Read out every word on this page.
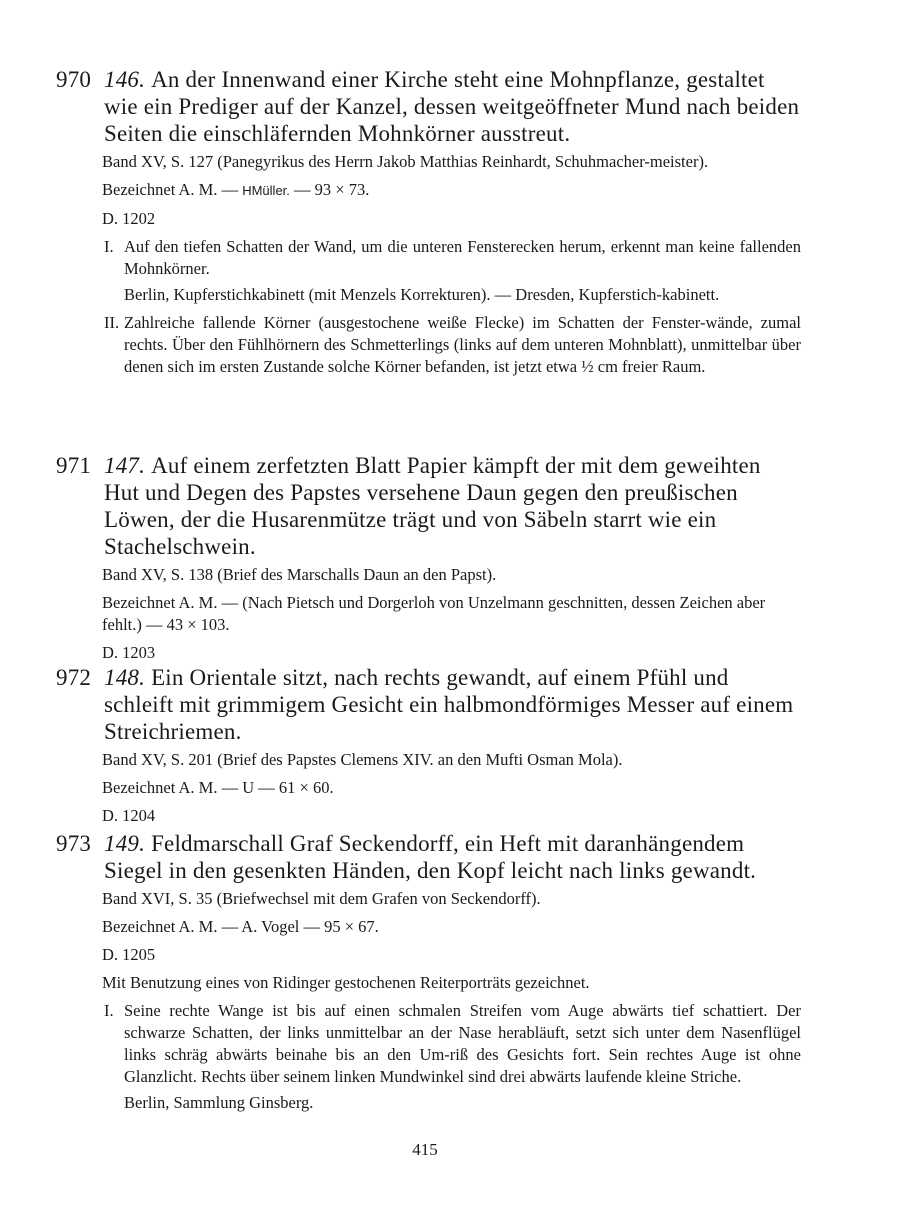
970 146. An der Innenwand einer Kirche steht eine Mohnpflanze, gestaltet wie ein Prediger auf der Kanzel, dessen weitgeöffneter Mund nach beiden Seiten die einschläfernden Mohnkörner ausstreut.

Band XV, S. 127 (Panegyrikus des Herrn Jakob Matthias Reinhardt, Schuhmacher-meister).

Bezeichnet A. M. — HMüller. — 93 × 73.

D. 1202

I. Auf den tiefen Schatten der Wand, um die unteren Fensterecken herum, erkennt man keine fallenden Mohnkörner.

Berlin, Kupferstichkabinett (mit Menzels Korrekturen). — Dresden, Kupferstich-kabinett.

II. Zahlreiche fallende Körner (ausgestochene weiße Flecke) im Schatten der Fenster-wände, zumal rechts. Über den Fühlhörnern des Schmetterlings (links auf dem unteren Mohnblatt), unmittelbar über denen sich im ersten Zustande solche Körner befanden, ist jetzt etwa ½ cm freier Raum.

971 147. Auf einem zerfetzten Blatt Papier kämpft der mit dem geweihten Hut und Degen des Papstes versehene Daun gegen den preußischen Löwen, der die Husarenmütze trägt und von Säbeln starrt wie ein Stachelschwein.

Band XV, S. 138 (Brief des Marschalls Daun an den Papst).

Bezeichnet A. M. — (Nach Pietsch und Dorgerloh von Unzelmann geschnitten, dessen Zeichen aber fehlt.) — 43 × 103.

D. 1203

972 148. Ein Orientale sitzt, nach rechts gewandt, auf einem Pfühl und schleift mit grimmigem Gesicht ein halbmondförmiges Messer auf einem Streichriemen.

Band XV, S. 201 (Brief des Papstes Clemens XIV. an den Mufti Osman Mola).

Bezeichnet A. M. — U — 61 × 60.

D. 1204

973 149. Feldmarschall Graf Seckendorff, ein Heft mit daranhängendem Siegel in den gesenkten Händen, den Kopf leicht nach links gewandt.

Band XVI, S. 35 (Briefwechsel mit dem Grafen von Seckendorff).

Bezeichnet A. M. — A. Vogel — 95 × 67.

D. 1205

Mit Benutzung eines von Ridinger gestochenen Reiterporträts gezeichnet.

I. Seine rechte Wange ist bis auf einen schmalen Streifen vom Auge abwärts tief schattiert. Der schwarze Schatten, der links unmittelbar an der Nase herabläuft, setzt sich unter dem Nasenflügel links schräg abwärts beinahe bis an den Um-riß des Gesichts fort. Sein rechtes Auge ist ohne Glanzlicht. Rechts über seinem linken Mundwinkel sind drei abwärts laufende kleine Striche.

Berlin, Sammlung Ginsberg.

415
